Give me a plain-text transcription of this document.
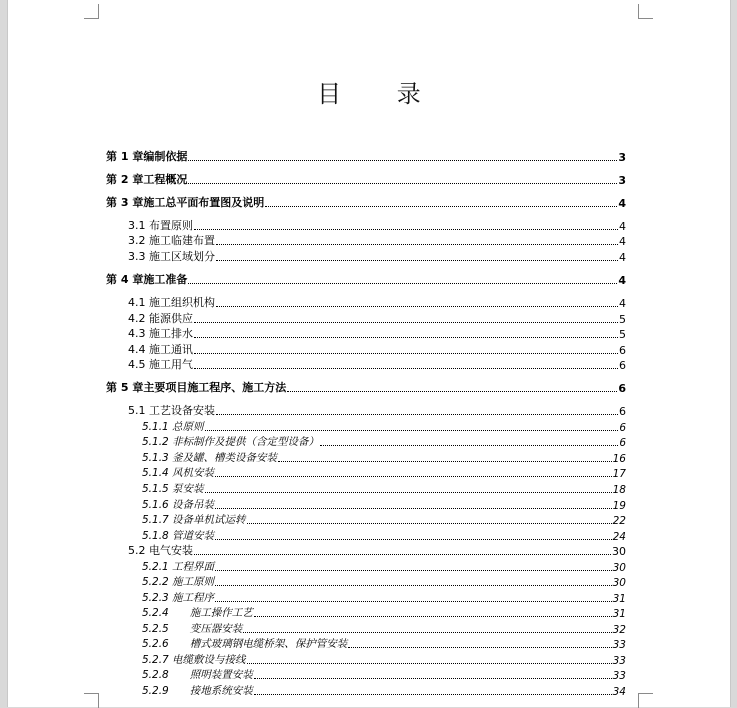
目 录
第 1 章编制依据	3
第 2 章工程概况	3
第 3 章施工总平面布置图及说明	4
3.1 布置原则	4
3.2 施工临建布置	4
3.3 施工区域划分	4
第 4 章施工准备	4
4.1 施工组织机构	4
4.2 能源供应	5
4.3 施工排水	5
4.4 施工通讯	6
4.5 施工用气	6
第 5 章主要项目施工程序、施工方法	6
5.1 工艺设备安装	6
5.1.1 总原则	6
5.1.2 非标制作及提供（含定型设备）	6
5.1.3 釜及罐、槽类设备安装	16
5.1.4 风机安装	17
5.1.5 泵安装	18
5.1.6 设备吊装	19
5.1.7 设备单机试运转	22
5.1.8 管道安装	24
5.2 电气安装	30
5.2.1 工程界面	30
5.2.2 施工原则	30
5.2.3 施工程序	31
5.2.4　　施工操作工艺	31
5.2.5　　变压器安装	32
5.2.6　　槽式玻璃钢电缆桥架、保护管安装	33
5.2.7 电缆敷设与接线	33
5.2.8　　照明装置安装	33
5.2.9　　接地系统安装	34
